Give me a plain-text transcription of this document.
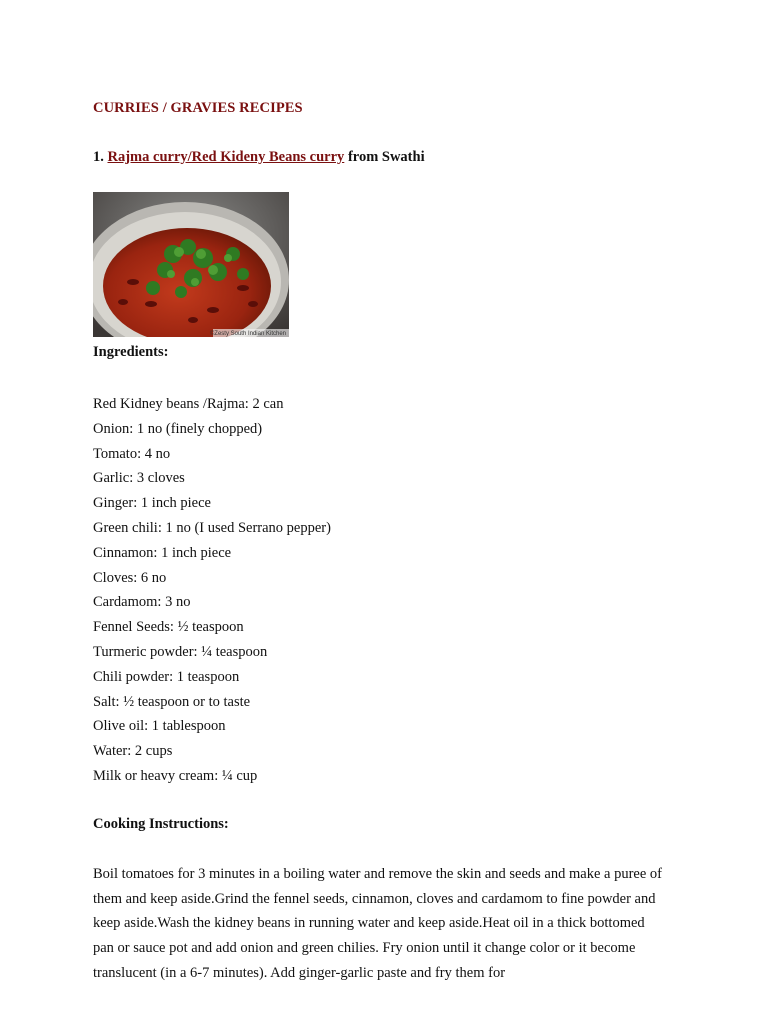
CURRIES / GRAVIES RECIPES
1. Rajma curry/Red Kideny Beans curry from Swathi
©Zesty South Indian Kitchen

Ingredients:

Red Kidney beans /Rajma: 2 can
Onion: 1 no (finely chopped)
Tomato: 4 no
Garlic: 3 cloves
Ginger: 1 inch piece
Green chili: 1 no (I used Serrano pepper)
Cinnamon: 1 inch piece
Cloves: 6 no
Cardamom: 3 no
Fennel Seeds: ½ teaspoon
Turmeric powder: ¼ teaspoon
Chili powder: 1 teaspoon
Salt: ½ teaspoon or to taste
Olive oil: 1 tablespoon
Water: 2 cups
Milk or heavy cream: ¼ cup

Cooking Instructions:

Boil tomatoes for 3 minutes in a boiling water and remove the skin and seeds and make a puree of them and keep aside.Grind the fennel seeds, cinnamon, cloves and cardamom to fine powder and keep aside.Wash the kidney beans in running water and keep aside.Heat oil in a thick bottomed pan or sauce pot and add onion and green chilies. Fry onion until it change color or it become translucent (in a 6-7 minutes). Add ginger-garlic paste and fry them for
